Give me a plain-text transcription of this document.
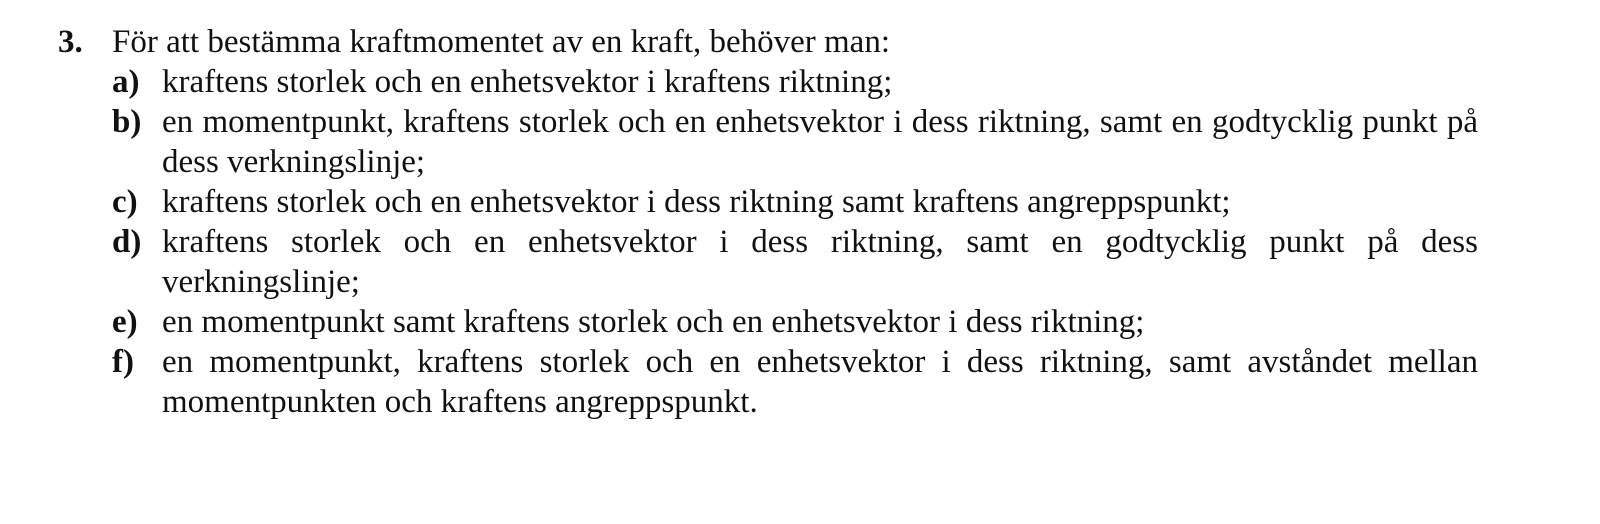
3. För att bestämma kraftmomentet av en kraft, behöver man:
a) kraftens storlek och en enhetsvektor i kraftens riktning;
b) en momentpunkt, kraftens storlek och en enhetsvektor i dess riktning, samt en godtycklig punkt på dess verkningslinje;
c) kraftens storlek och en enhetsvektor i dess riktning samt kraftens angreppspunkt;
d) kraftens storlek och en enhetsvektor i dess riktning, samt en godtycklig punkt på dess verkningslinje;
e) en momentpunkt samt kraftens storlek och en enhetsvektor i dess riktning;
f) en momentpunkt, kraftens storlek och en enhetsvektor i dess riktning, samt avståndet mellan momentpunkten och kraftens angreppspunkt.
